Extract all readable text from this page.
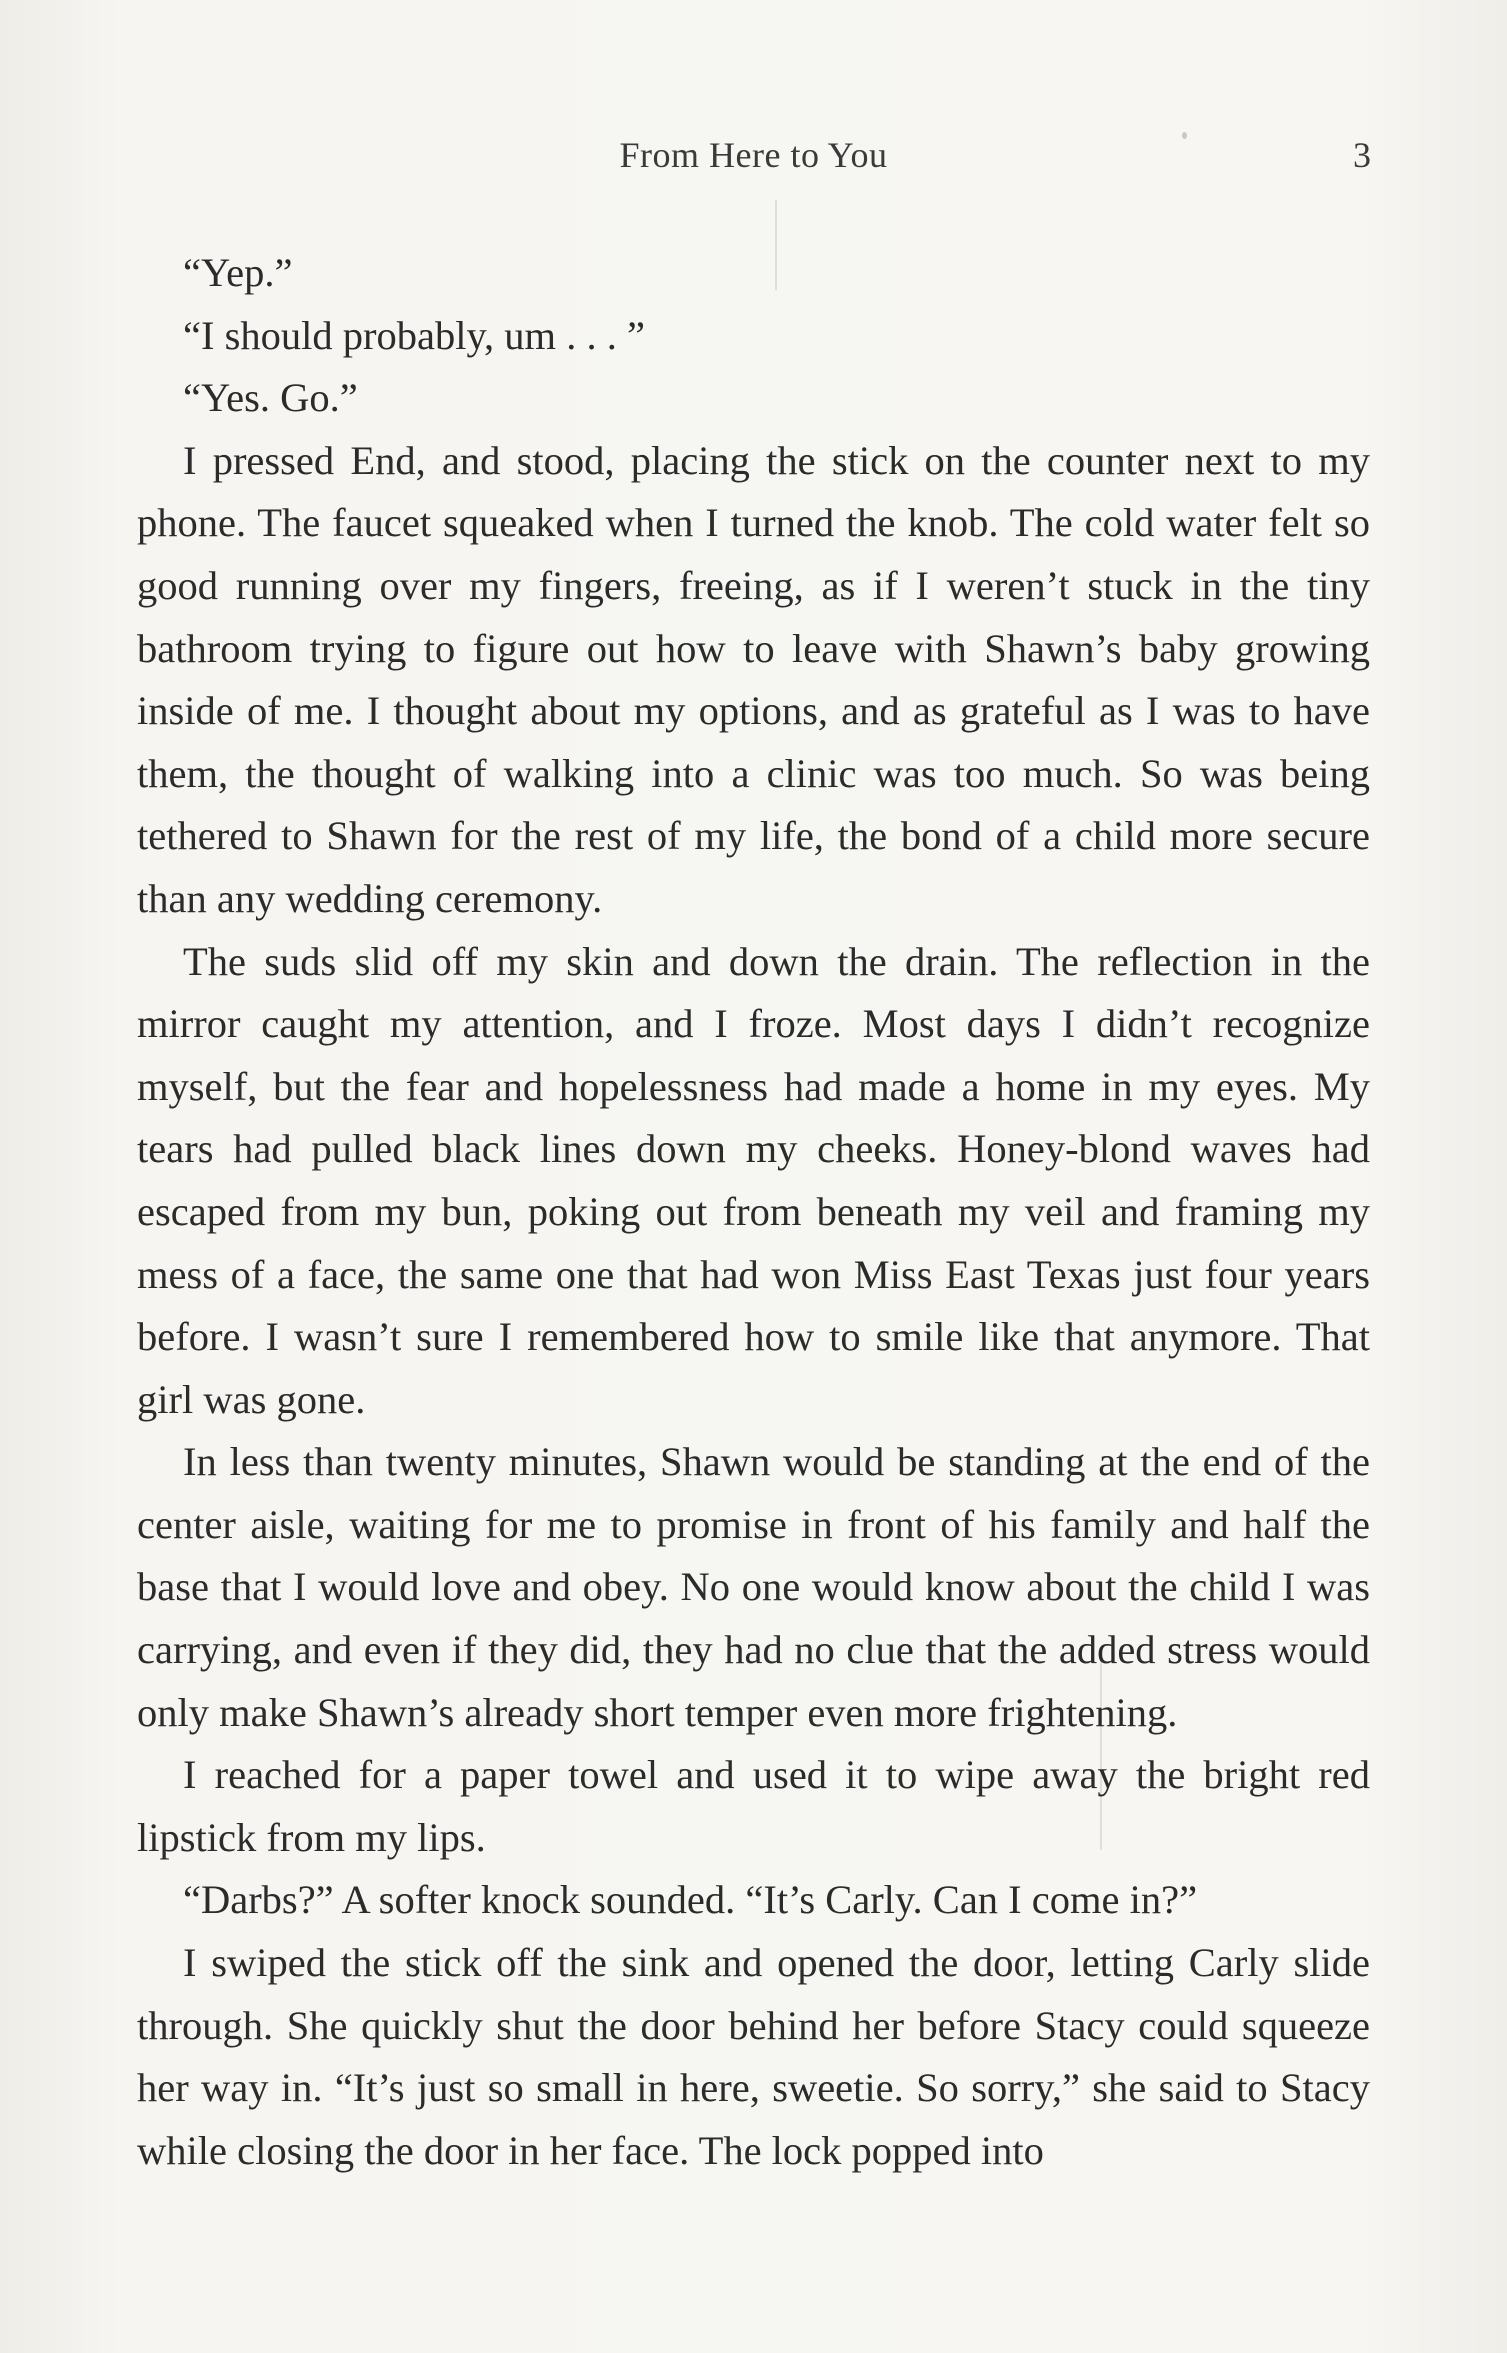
From Here to You	3

“Yep.”

“I should probably, um . . . ”

“Yes. Go.”

I pressed End, and stood, placing the stick on the counter next to my phone. The faucet squeaked when I turned the knob. The cold water felt so good running over my fingers, freeing, as if I weren’t stuck in the tiny bathroom trying to figure out how to leave with Shawn’s baby growing inside of me. I thought about my options, and as grateful as I was to have them, the thought of walking into a clinic was too much. So was being tethered to Shawn for the rest of my life, the bond of a child more secure than any wedding ceremony.

The suds slid off my skin and down the drain. The reflection in the mirror caught my attention, and I froze. Most days I didn’t recognize myself, but the fear and hopelessness had made a home in my eyes. My tears had pulled black lines down my cheeks. Honey-blond waves had escaped from my bun, poking out from beneath my veil and framing my mess of a face, the same one that had won Miss East Texas just four years before. I wasn’t sure I remembered how to smile like that anymore. That girl was gone.

In less than twenty minutes, Shawn would be standing at the end of the center aisle, waiting for me to promise in front of his family and half the base that I would love and obey. No one would know about the child I was carrying, and even if they did, they had no clue that the added stress would only make Shawn’s already short temper even more frightening.

I reached for a paper towel and used it to wipe away the bright red lipstick from my lips.

“Darbs?” A softer knock sounded. “It’s Carly. Can I come in?”

I swiped the stick off the sink and opened the door, letting Carly slide through. She quickly shut the door behind her before Stacy could squeeze her way in. “It’s just so small in here, sweetie. So sorry,” she said to Stacy while closing the door in her face. The lock popped into
